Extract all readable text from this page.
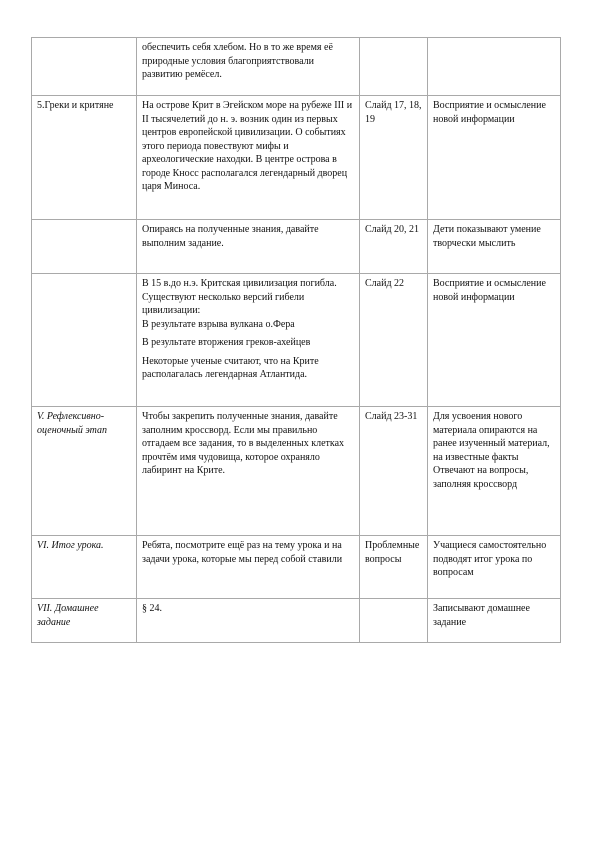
	обеспечить себя хлебом. Но в то же время её природные условия благоприятствовали развитию ремёсел.		

5.Греки и критяне	На острове Крит в Эгейском море на рубеже III и II тысячелетий до н. э. возник один из первых центров европейской цивилизации. О событиях этого периода повествуют мифы и археологические находки. В центре острова в городе Кносс располагался легендарный дворец царя Миноса.	Слайд 17, 18, 19	Восприятие и осмысление новой информации

	Опираясь на полученные знания, давайте выполним задание.	Слайд 20, 21	Дети показывают умение творчески мыслить

	В 15 в.до н.э. Критская цивилизация погибла. Существуют несколько версий гибели цивилизации:
В результате взрыва вулкана о.Фера
В результате вторжения греков-ахейцев
Некоторые ученые считают, что на Крите располагалась легендарная Атлантида.	Слайд 22	Восприятие и осмысление новой информации
V. Рефлексивно-оценочный этап	Чтобы закрепить полученные знания, давайте заполним кроссворд. Если мы правильно отгадаем все задания, то в выделенных клетках прочтём имя чудовища, которое охраняло лабиринт на Крите.	Слайд 23-31	Для усвоения нового материала опираются на ранее изученный материал, на известные факты
Отвечают на вопросы, заполняя кроссворд
VI. Итог урока.	Ребята, посмотрите ещё раз на тему урока и на задачи урока, которые мы перед собой ставили	Проблемные вопросы	Учащиеся самостоятельно подводят итог урока по вопросам
VII. Домашнее задание	§ 24.		Записывают домашнее задание
